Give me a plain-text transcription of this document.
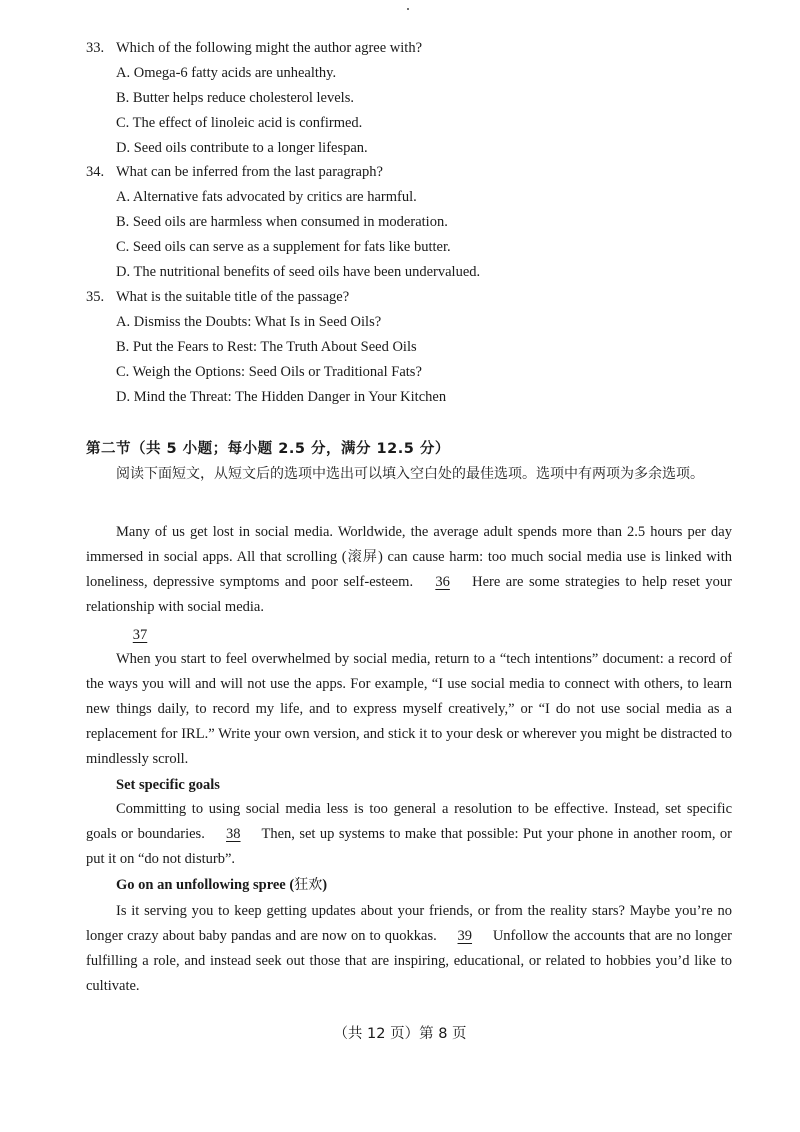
33. Which of the following might the author agree with?
A. Omega-6 fatty acids are unhealthy.
B. Butter helps reduce cholesterol levels.
C. The effect of linoleic acid is confirmed.
D. Seed oils contribute to a longer lifespan.
34. What can be inferred from the last paragraph?
A. Alternative fats advocated by critics are harmful.
B. Seed oils are harmless when consumed in moderation.
C. Seed oils can serve as a supplement for fats like butter.
D. The nutritional benefits of seed oils have been undervalued.
35. What is the suitable title of the passage?
A. Dismiss the Doubts: What Is in Seed Oils?
B. Put the Fears to Rest: The Truth About Seed Oils
C. Weigh the Options: Seed Oils or Traditional Fats?
D. Mind the Threat: The Hidden Danger in Your Kitchen
第二节（共 5 小题；每小题 2.5 分，满分 12.5 分）

阅读下面短文，从短文后的选项中选出可以填入空白处的最佳选项。选项中有两项为多余选项。

Many of us get lost in social media. Worldwide, the average adult spends more than 2.5 hours per day immersed in social apps. All that scrolling (滚屏) can cause harm: too much social media use is linked with loneliness, depressive symptoms and poor self-esteem. 36 Here are some strategies to help reset your relationship with social media.

37

When you start to feel overwhelmed by social media, return to a “tech intentions” document: a record of the ways you will and will not use the apps. For example, “I use social media to connect with others, to learn new things daily, to record my life, and to express myself creatively,” or “I do not use social media as a replacement for IRL.” Write your own version, and stick it to your desk or wherever you might be distracted to mindlessly scroll.

Set specific goals

Committing to using social media less is too general a resolution to be effective. Instead, set specific goals or boundaries. 38 Then, set up systems to make that possible: Put your phone in another room, or put it on “do not disturb”.

Go on an unfollowing spree (狂欢)

Is it serving you to keep getting updates about your friends, or from the reality stars? Maybe you’re no longer crazy about baby pandas and are now on to quokkas. 39 Unfollow the accounts that are no longer fulfilling a role, and instead seek out those that are inspiring, educational, or related to hobbies you’d like to cultivate.

（共 12 页）第 8 页
